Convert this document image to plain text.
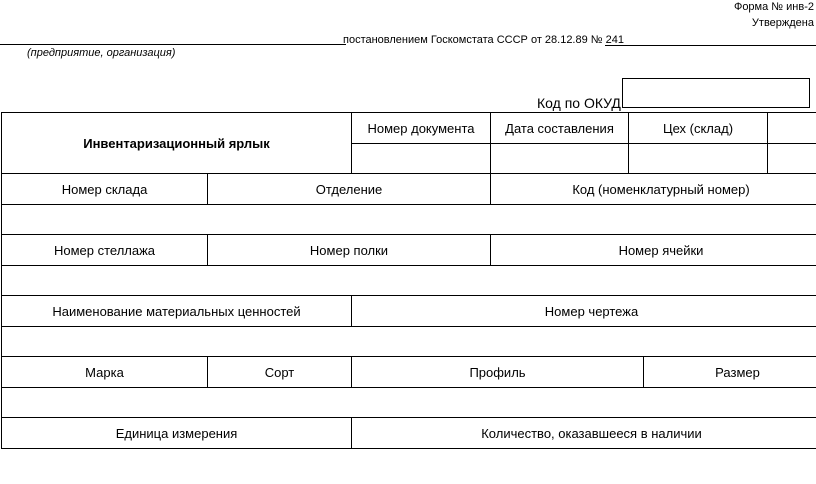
Форма № инв-2
Утверждена
постановлением Госкомстата СССР от 28.12.89 № 241
(предприятие, организация)
Код по ОКУД
Инвентаризационный ярлык		Номер документа	Дата составления	Цех (склад)		

Номер склада	Отделение		Код (номенклатурный номер)			

Номер стеллажа	Номер полки		Номер ячейки			

Наименование материальных ценностей		Номер чертежа				

Марка	Сорт	Профиль			Размер	

Единица измерения		Количество, оказавшееся в наличии				
